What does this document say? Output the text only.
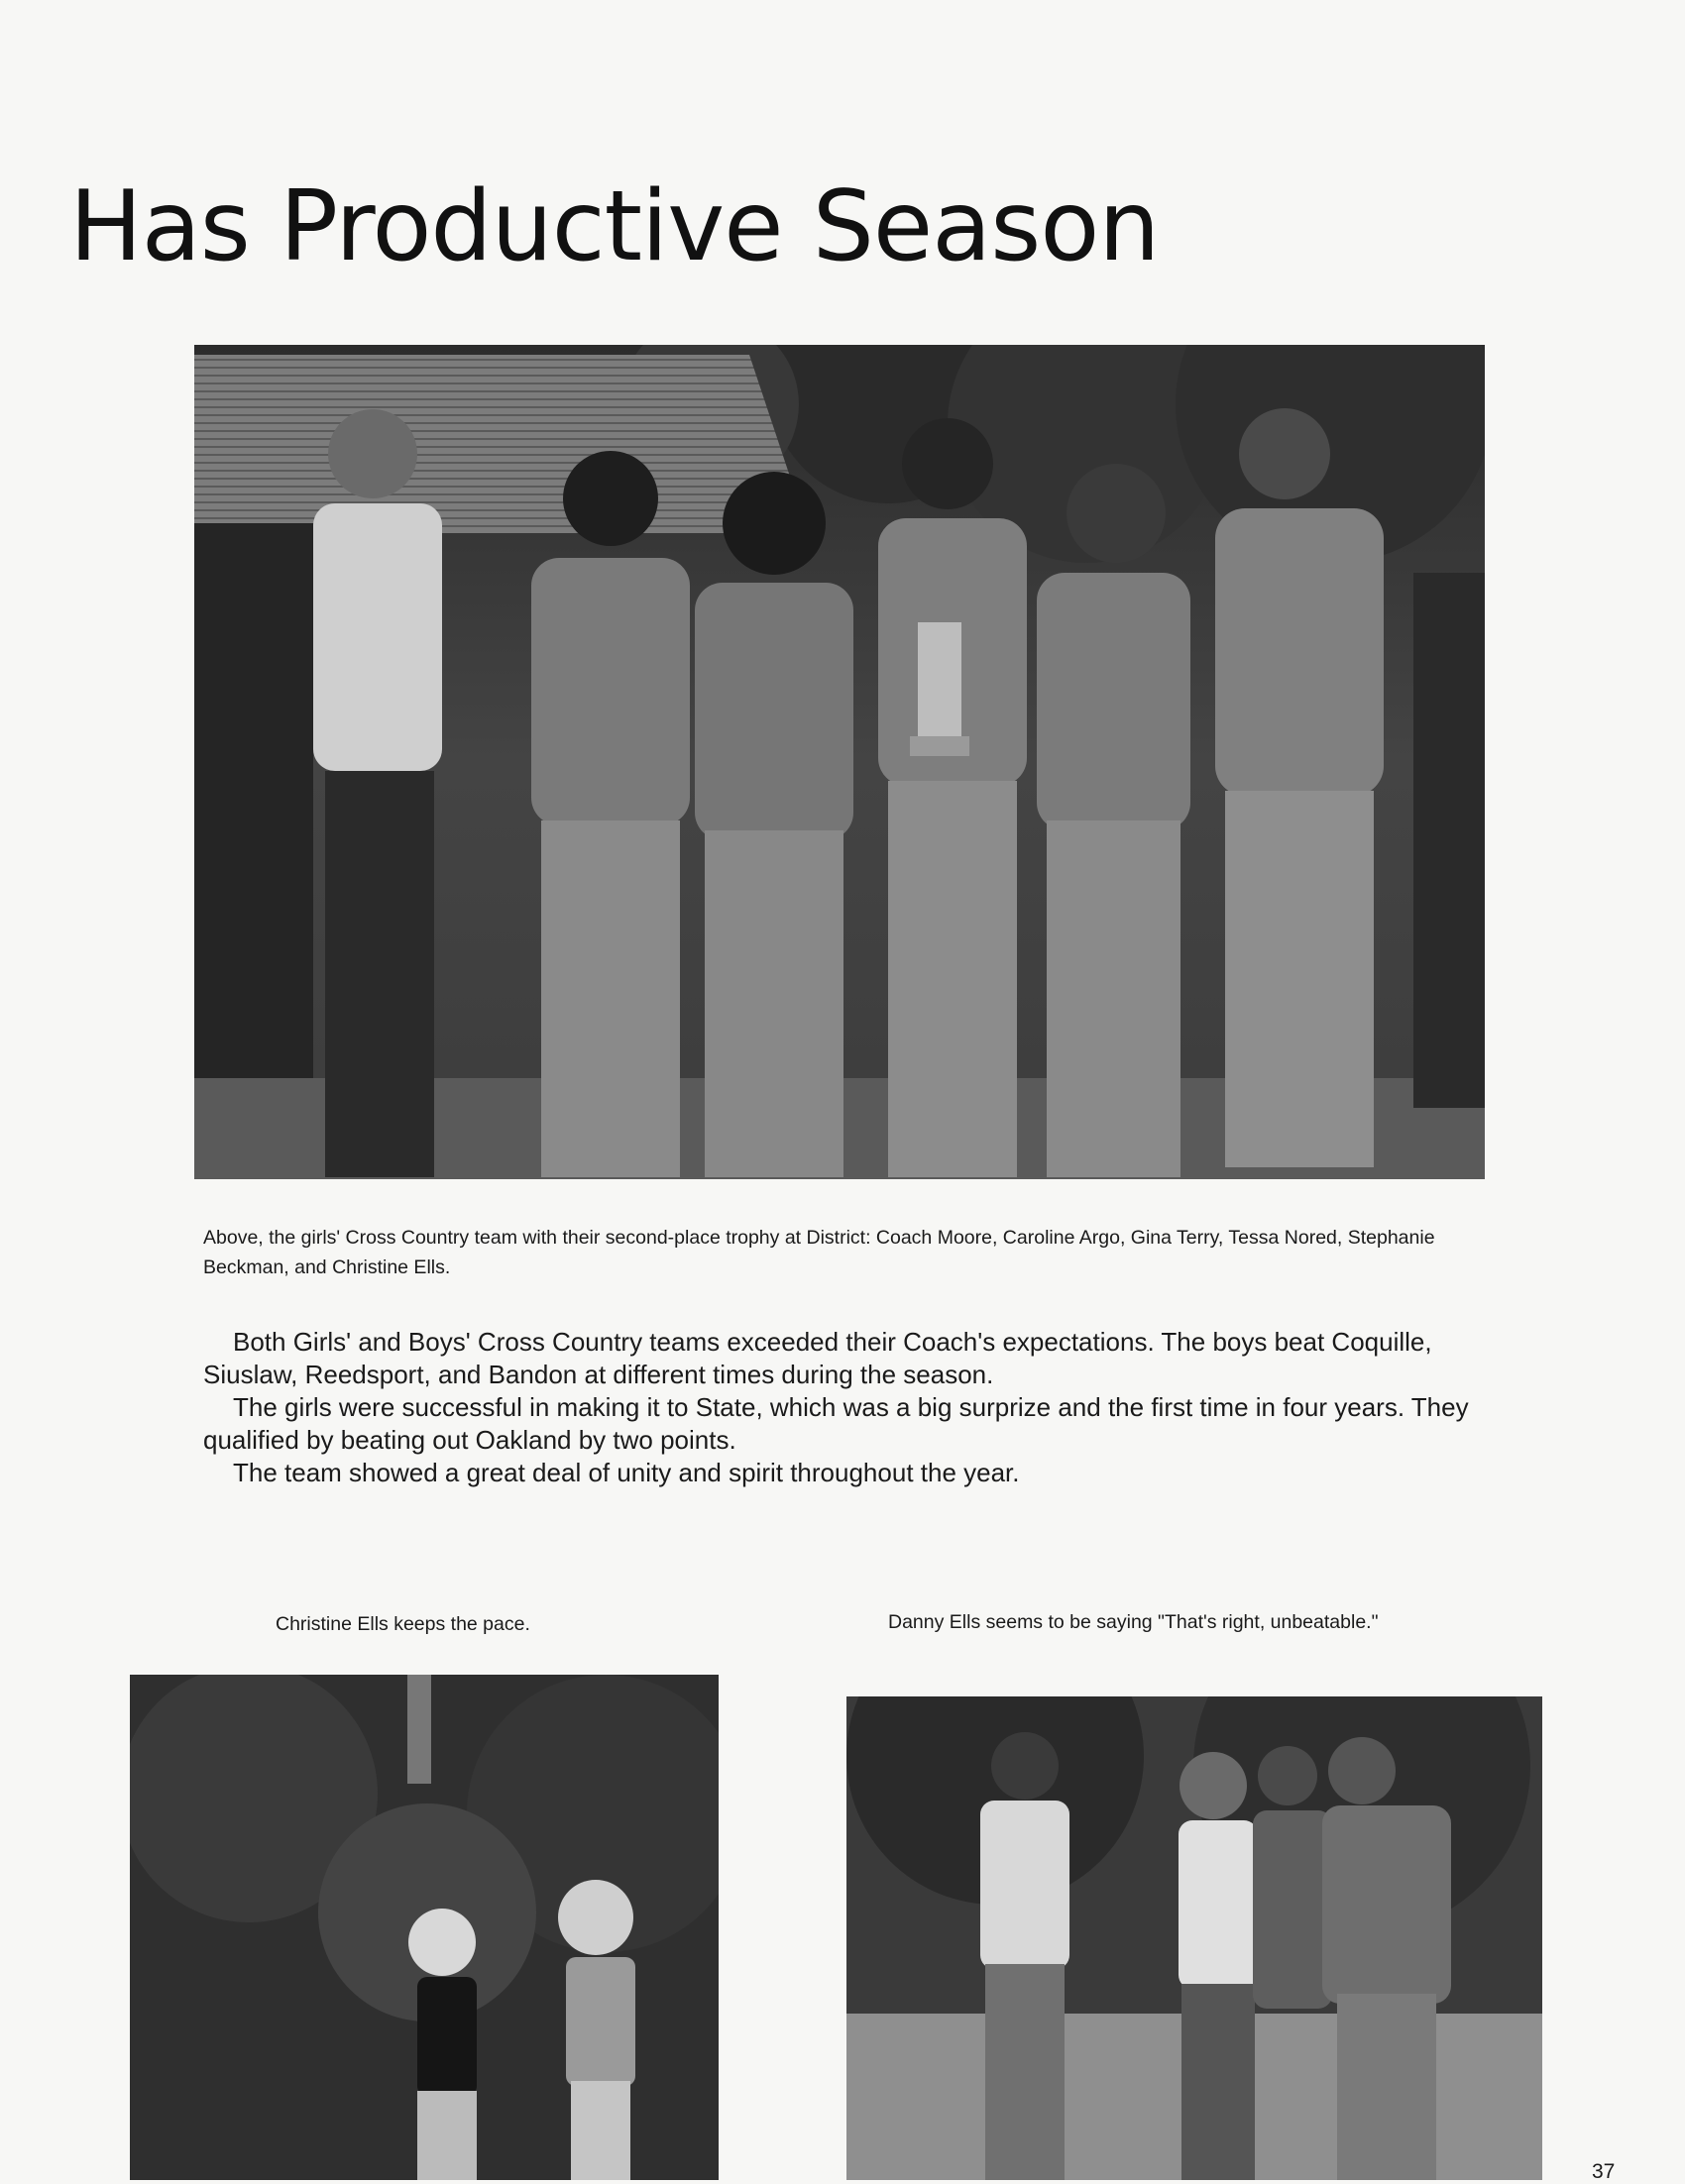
Has Productive Season

Above, the girls' Cross Country team with their second-place trophy at District: Coach Moore, Caroline Argo, Gina Terry, Tessa Nored, Stephanie Beckman, and Christine Ells.

Both Girls' and Boys' Cross Country teams exceeded their Coach's expectations. The boys beat Coquille, Siuslaw, Reedsport, and Bandon at different times during the season.

The girls were successful in making it to State, which was a big surprize and the first time in four years. They qualified by beating out Oakland by two points.

The team showed a great deal of unity and spirit throughout the year.

Christine Ells keeps the pace.	Danny Ells seems to be saying "That's right, unbeatable."

37
